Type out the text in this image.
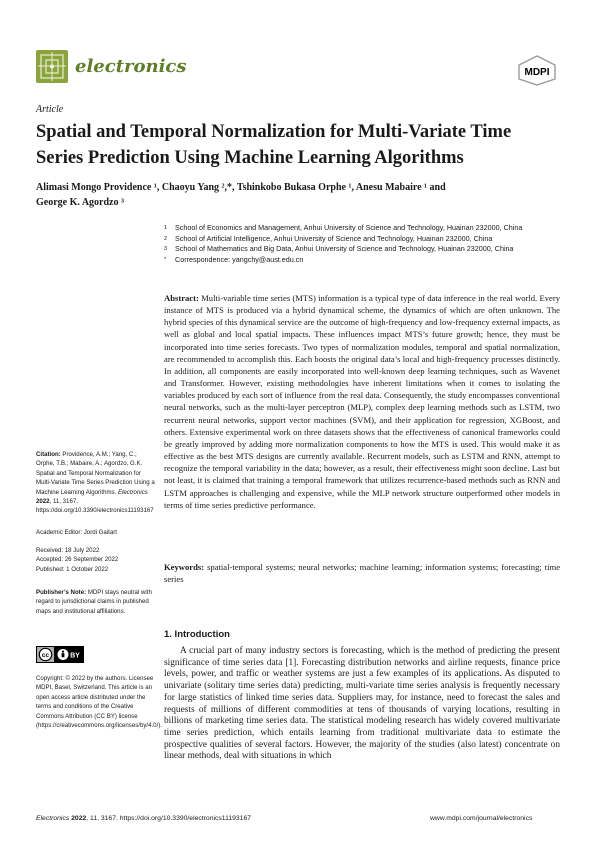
electronics	MDPI
Article
Spatial and Temporal Normalization for Multi-Variate Time Series Prediction Using Machine Learning Algorithms
Alimasi Mongo Providence ¹, Chaoyu Yang ²,*, Tshinkobo Bukasa Orphe ¹, Anesu Mabaire ¹ and
George K. Agordzo ³
1	School of Economics and Management, Anhui University of Science and Technology, Huainan 232000, China
2	School of Artificial Intelligence, Anhui University of Science and Technology, Huainan 232000, China
3	School of Mathematics and Big Data, Anhui University of Science and Technology, Huainan 232000, China
*	Correspondence: yangchy@aust.edu.cn
Abstract: Multi-variable time series (MTS) information is a typical type of data inference in the real world. Every instance of MTS is produced via a hybrid dynamical scheme, the dynamics of which are often unknown. The hybrid species of this dynamical service are the outcome of high-frequency and low-frequency external impacts, as well as global and local spatial impacts. These influences impact MTS’s future growth; hence, they must be incorporated into time series forecasts. Two types of normalization modules, temporal and spatial normalization, are recommended to accomplish this. Each boosts the original data’s local and high-frequency processes distinctly. In addition, all components are easily incorporated into well-known deep learning techniques, such as Wavenet and Transformer. However, existing methodologies have inherent limitations when it comes to isolating the variables produced by each sort of influence from the real data. Consequently, the study encompasses conventional neural networks, such as the multi-layer perceptron (MLP), complex deep learning methods such as LSTM, two recurrent neural networks, support vector machines (SVM), and their application for regression, XGBoost, and others. Extensive experimental work on three datasets shows that the effectiveness of canonical frameworks could be greatly improved by adding more normalization components to how the MTS is used. This would make it as effective as the best MTS designs are currently available. Recurrent models, such as LSTM and RNN, attempt to recognize the temporal variability in the data; however, as a result, their effectiveness might soon decline. Last but not least, it is claimed that training a temporal framework that utilizes recurrence-based methods such as RNN and LSTM approaches is challenging and expensive, while the MLP network structure outperformed other models in terms of time series predictive performance.
Keywords: spatial-temporal systems; neural networks; machine learning; information systems; forecasting; time series
Citation: Providence, A.M.; Yang, C.; Orphe, T.B.; Mabaire, A.; Agordzo, G.K. Spatial and Temporal Normalization for Multi-Variate Time Series Prediction Using a Machine Learning Algorithms. Electronics 2022, 11, 3167. https://doi.org/10.3390/electronics11193167
Academic Editor: Jordi Gaitart
Received: 18 July 2022
Accepted: 26 September 2022
Published: 1 October 2022
Publisher’s Note: MDPI stays neutral with regard to jurisdictional claims in published maps and institutional affiliations.
cc	BY
Copyright: © 2022 by the authors. Licensee MDPI, Basel, Switzerland. This article is an open access article distributed under the terms and conditions of the Creative Commons Attribution (CC BY) license (https://creativecommons.org/licenses/by/4.0/).
1. Introduction
A crucial part of many industry sectors is forecasting, which is the method of predicting the present significance of time series data [1]. Forecasting distribution networks and airline requests, finance price levels, power, and traffic or weather systems are just a few examples of its applications. As disputed to univariate (solitary time series data) predicting, multi-variate time series analysis is frequently necessary for large statistics of linked time series data. Suppliers may, for instance, need to forecast the sales and requests of millions of different commodities at tens of thousands of varying locations, resulting in billions of marketing time series data. The statistical modeling research has widely covered multivariate time series prediction, which entails learning from traditional multivariate data to estimate the prospective qualities of several factors. However, the majority of the studies (also latest) concentrate on linear methods, deal with situations in which
Electronics 2022, 11, 3167. https://doi.org/10.3390/electronics11193167	www.mdpi.com/journal/electronics
